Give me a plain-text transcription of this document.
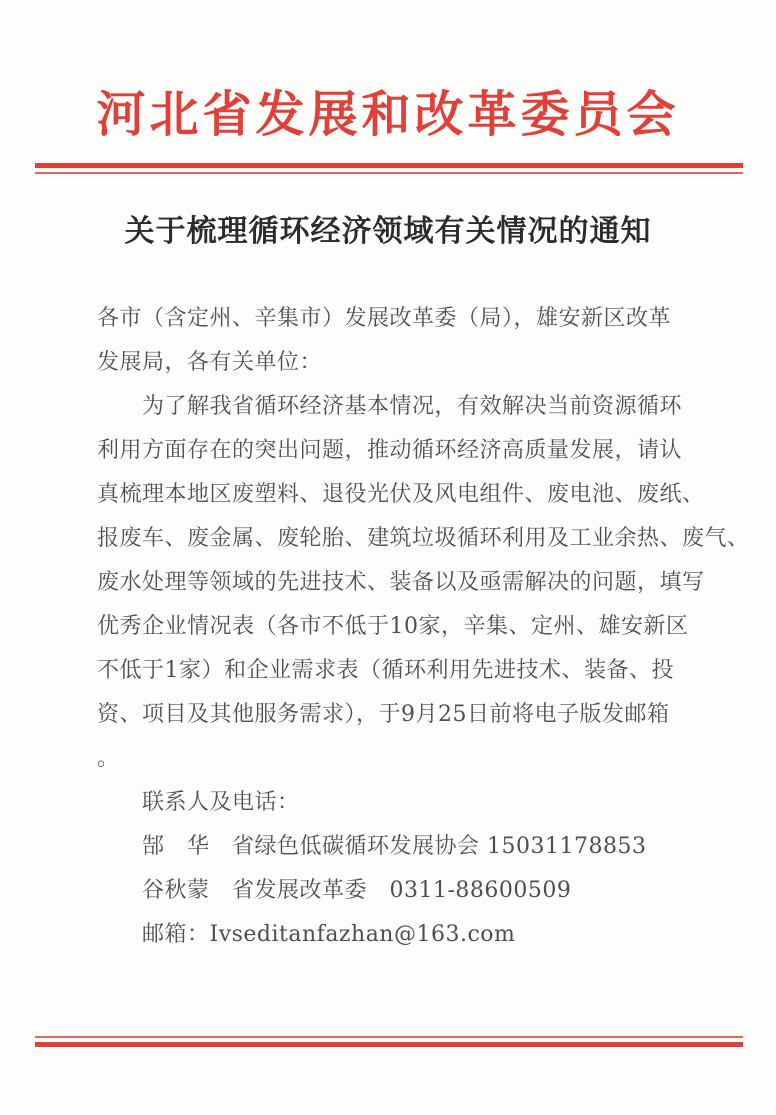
河北省发展和改革委员会
关于梳理循环经济领域有关情况的通知
各市（含定州、辛集市）发展改革委（局），雄安新区改革
发展局，各有关单位：
　　为了解我省循环经济基本情况，有效解决当前资源循环
利用方面存在的突出问题，推动循环经济高质量发展，请认
真梳理本地区废塑料、退役光伏及风电组件、废电池、废纸、
报废车、废金属、废轮胎、建筑垃圾循环利用及工业余热、废气、
废水处理等领域的先进技术、装备以及亟需解决的问题，填写
优秀企业情况表（各市不低于10家，辛集、定州、雄安新区
不低于1家）和企业需求表（循环利用先进技术、装备、投
资、项目及其他服务需求），于9月25日前将电子版发邮箱
。
　　联系人及电话：
　　郜　华　省绿色低碳循环发展协会 15031178853
　　谷秋蒙　省发展改革委　0311-88600509
　　邮箱：Ivseditanfazhan@163.com
